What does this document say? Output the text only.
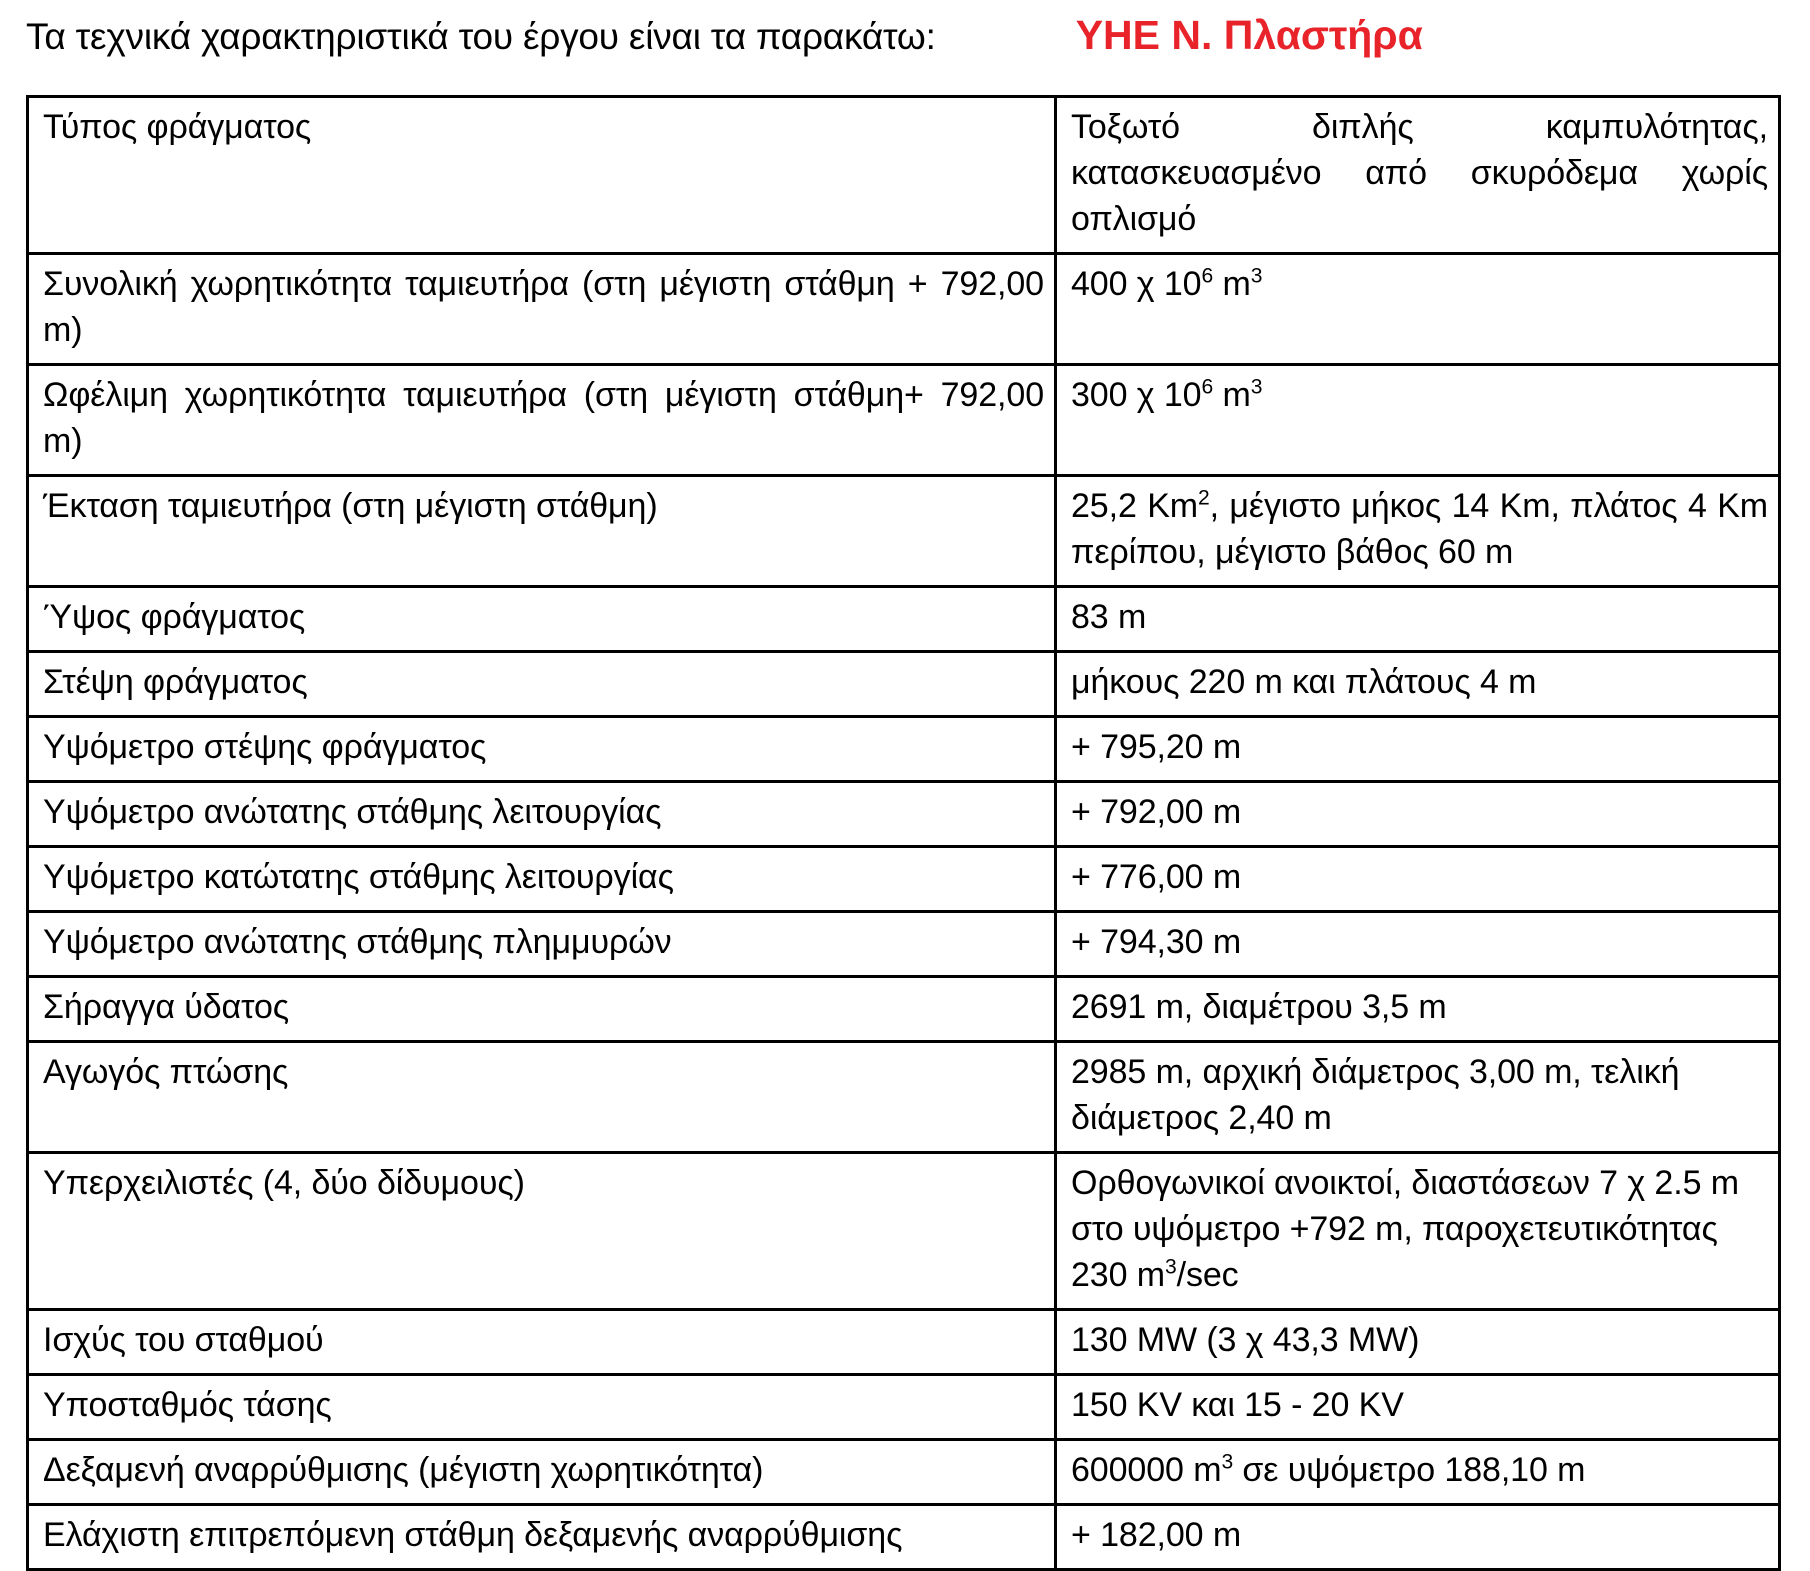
Τα τεχνικά χαρακτηριστικά του έργου είναι τα παρακάτω:	ΥΗΕ Ν. Πλαστήρα
Τύπος φράγματος	Τοξωτό διπλής καμπυλότητας, κατασκευασμένο από σκυρόδεμα χωρίς οπλισμό

Συνολική χωρητικότητα ταμιευτήρα (στη μέγιστη στάθμη + 792,00 m)	400 χ $10^6$ $m^3$

Ωφέλιμη χωρητικότητα ταμιευτήρα (στη μέγιστη στάθμη+ 792,00 m)	300 χ $10^6$ $m^3$

Έκταση ταμιευτήρα (στη μέγιστη στάθμη)	25,2 Km$^2$, μέγιστο μήκος 14 Km, πλάτος 4 Km περίπου, μέγιστο βάθος 60 m

Ύψος φράγματος	83 m

Στέψη φράγματος	μήκους 220 m και πλάτους 4 m

Υψόμετρο στέψης φράγματος	+ 795,20 m

Υψόμετρο ανώτατης στάθμης λειτουργίας	+ 792,00 m

Υψόμετρο κατώτατης στάθμης λειτουργίας	+ 776,00 m

Υψόμετρο ανώτατης στάθμης πλημμυρών	+ 794,30 m

Σήραγγα ύδατος	2691 m, διαμέτρου 3,5 m

Αγωγός πτώσης	2985 m, αρχική διάμετρος 3,00 m, τελική διάμετρος 2,40 m

Υπερχειλιστές (4, δύο δίδυμους)	Ορθογωνικοί ανοικτοί, διαστάσεων 7 χ 2.5 m στο υψόμετρο +792 m, παροχετευτικότητας 230 $m^3/\sec$

Ισχύς του σταθμού	130 MW (3 χ 43,3 MW)

Υποσταθμός τάσης	150 KV και 15 - 20 KV

Δεξαμενή αναρρύθμισης (μέγιστη χωρητικότητα)	600000 $m^3$ σε υψόμετρο 188,10 m

Ελάχιστη επιτρεπόμενη στάθμη δεξαμενής αναρρύθμισης	+ 182,00 m
